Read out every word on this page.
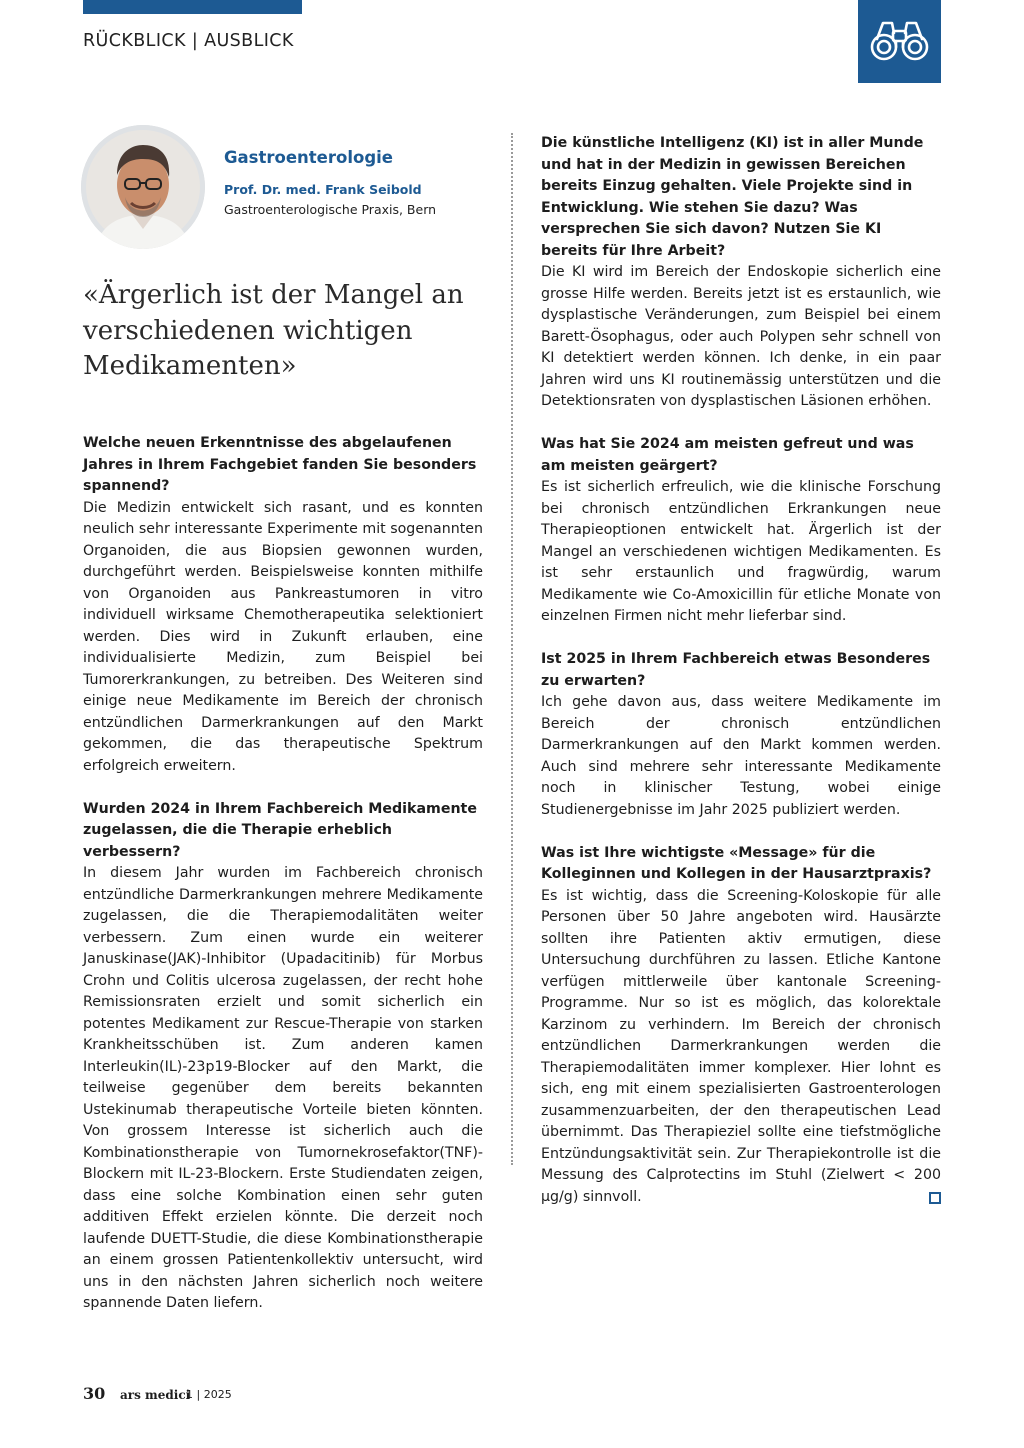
RÜCKBLICK | AUSBLICK
Gastroenterologie
Prof. Dr. med. Frank Seibold
Gastroenterologische Praxis, Bern
«Ärgerlich ist der Mangel an verschiedenen wichtigen Medikamenten»

Welche neuen Erkenntnisse des abgelaufenen Jahres in Ihrem Fachgebiet fanden Sie besonders spannend?

Die Medizin entwickelt sich rasant, und es konnten neulich sehr interessante Experimente mit sogenannten Organoiden, die aus Biopsien gewonnen wurden, durchgeführt werden. Beispielsweise konnten mithilfe von Organoiden aus Pankreastumoren in vitro individuell wirksame Chemotherapeutika selektioniert werden. Dies wird in Zukunft erlauben, eine individualisierte Medizin, zum Beispiel bei Tumorerkrankungen, zu betreiben. Des Weiteren sind einige neue Medikamente im Bereich der chronisch entzündlichen Darmerkrankungen auf den Markt gekommen, die das therapeutische Spektrum erfolgreich erweitern.

Wurden 2024 in Ihrem Fachbereich Medikamente zugelassen, die die Therapie erheblich verbessern?

In diesem Jahr wurden im Fachbereich chronisch entzündliche Darmerkrankungen mehrere Medikamente zugelassen, die die Therapiemodalitäten weiter verbessern. Zum einen wurde ein weiterer Januskinase(JAK)-Inhibitor (Upadacitinib) für Morbus Crohn und Colitis ulcerosa zugelassen, der recht hohe Remissionsraten erzielt und somit sicherlich ein potentes Medikament zur Rescue-Therapie von starken Krankheitsschüben ist. Zum anderen kamen Interleukin(IL)-23p19-Blocker auf den Markt, die teilweise gegenüber dem bereits bekannten Ustekinumab therapeutische Vorteile bieten könnten. Von grossem Interesse ist sicherlich auch die Kombinationstherapie von Tumornekrosefaktor(TNF)-Blockern mit IL-23-Blockern. Erste Studiendaten zeigen, dass eine solche Kombination einen sehr guten additiven Effekt erzielen könnte. Die derzeit noch laufende DUETT-Studie, die diese Kombinationstherapie an einem grossen Patientenkollektiv untersucht, wird uns in den nächsten Jahren sicherlich noch weitere spannende Daten liefern.

Die künstliche Intelligenz (KI) ist in aller Munde und hat in der Medizin in gewissen Bereichen bereits Einzug gehalten. Viele Projekte sind in Entwicklung. Wie stehen Sie dazu? Was versprechen Sie sich davon? Nutzen Sie KI bereits für Ihre Arbeit?

Die KI wird im Bereich der Endoskopie sicherlich eine grosse Hilfe werden. Bereits jetzt ist es erstaunlich, wie dysplastische Veränderungen, zum Beispiel bei einem Barett-Ösophagus, oder auch Polypen sehr schnell von KI detektiert werden können. Ich denke, in ein paar Jahren wird uns KI routinemässig unterstützen und die Detektionsraten von dysplastischen Läsionen erhöhen.

Was hat Sie 2024 am meisten gefreut und was am meisten geärgert?

Es ist sicherlich erfreulich, wie die klinische Forschung bei chronisch entzündlichen Erkrankungen neue Therapieoptionen entwickelt hat. Ärgerlich ist der Mangel an verschiedenen wichtigen Medikamenten. Es ist sehr erstaunlich und fragwürdig, warum Medikamente wie Co-Amoxicillin für etliche Monate von einzelnen Firmen nicht mehr lieferbar sind.

Ist 2025 in Ihrem Fachbereich etwas Besonderes zu erwarten?

Ich gehe davon aus, dass weitere Medikamente im Bereich der chronisch entzündlichen Darmerkrankungen auf den Markt kommen werden. Auch sind mehrere sehr interessante Medikamente noch in klinischer Testung, wobei einige Studienergebnisse im Jahr 2025 publiziert werden.

Was ist Ihre wichtigste «Message» für die Kolleginnen und Kollegen in der Hausarztpraxis?

Es ist wichtig, dass die Screening-Koloskopie für alle Personen über 50 Jahre angeboten wird. Hausärzte sollten ihre Patienten aktiv ermutigen, diese Untersuchung durchführen zu lassen. Etliche Kantone verfügen mittlerweile über kantonale Screening-Programme. Nur so ist es möglich, das kolorektale Karzinom zu verhindern. Im Bereich der chronisch entzündlichen Darmerkrankungen werden die Therapiemodalitäten immer komplexer. Hier lohnt es sich, eng mit einem spezialisierten Gastroenterologen zusammenzuarbeiten, der den therapeutischen Lead übernimmt. Das Therapieziel sollte eine tiefstmögliche Entzündungsaktivität sein. Zur Therapiekontrolle ist die Messung des Calprotectins im Stuhl (Zielwert < 200 µg/g) sinnvoll.

30 ars medici
1 | 2025
